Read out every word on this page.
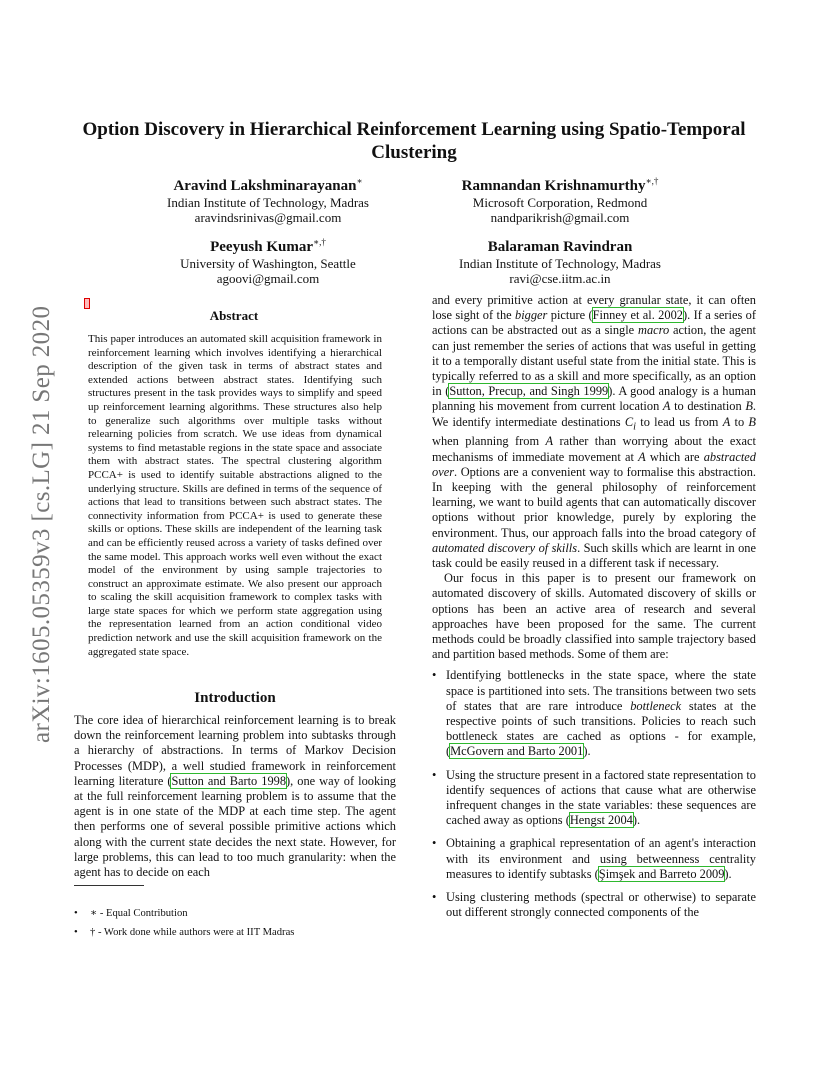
arXiv:1605.05359v3 [cs.LG] 21 Sep 2020
Option Discovery in Hierarchical Reinforcement Learning using Spatio-Temporal Clustering
Aravind Lakshminarayanan∗
Indian Institute of Technology, Madras
aravindsrinivas@gmail.com
Ramnandan Krishnamurthy∗,†
Microsoft Corporation, Redmond
nandparikrish@gmail.com
Peeyush Kumar∗,†
University of Washington, Seattle
agoovi@gmail.com
Balaraman Ravindran
Indian Institute of Technology, Madras
ravi@cse.iitm.ac.in
Abstract
This paper introduces an automated skill acquisition framework in reinforcement learning which involves identifying a hierarchical description of the given task in terms of abstract states and extended actions between abstract states. Identifying such structures present in the task provides ways to simplify and speed up reinforcement learning algorithms. These structures also help to generalize such algorithms over multiple tasks without relearning policies from scratch. We use ideas from dynamical systems to find metastable regions in the state space and associate them with abstract states. The spectral clustering algorithm PCCA+ is used to identify suitable abstractions aligned to the underlying structure. Skills are defined in terms of the sequence of actions that lead to transitions between such abstract states. The connectivity information from PCCA+ is used to generate these skills or options. These skills are independent of the learning task and can be efficiently reused across a variety of tasks defined over the same model. This approach works well even without the exact model of the environment by using sample trajectories to construct an approximate estimate. We also present our approach to scaling the skill acquisition framework to complex tasks with large state spaces for which we perform state aggregation using the representation learned from an action conditional video prediction network and use the skill acquisition framework on the aggregated state space.
Introduction
The core idea of hierarchical reinforcement learning is to break down the reinforcement learning problem into subtasks through a hierarchy of abstractions. In terms of Markov Decision Processes (MDP), a well studied framework in reinforcement learning literature (Sutton and Barto 1998), one way of looking at the full reinforcement learning problem is to assume that the agent is in one state of the MDP at each time step. The agent then performs one of several possible primitive actions which along with the current state decides the next state. However, for large problems, this can lead to too much granularity: when the agent has to decide on each
• ∗ - Equal Contribution
• † - Work done while authors were at IIT Madras

and every primitive action at every granular state, it can often lose sight of the bigger picture (Finney et al. 2002). If a series of actions can be abstracted out as a single macro action, the agent can just remember the series of actions that was useful in getting it to a temporally distant useful state from the initial state. This is typically referred to as a skill and more specifically, as an option in (Sutton, Precup, and Singh 1999). A good analogy is a human planning his movement from current location A to destination B. We identify intermediate destinations $C_i$ to lead us from A to B when planning from A rather than worrying about the exact mechanisms of immediate movement at A which are abstracted over. Options are a convenient way to formalise this abstraction. In keeping with the general philosophy of reinforcement learning, we want to build agents that can automatically discover options without prior knowledge, purely by exploring the environment. Thus, our approach falls into the broad category of automated discovery of skills. Such skills which are learnt in one task could be easily reused in a different task if necessary.

Our focus in this paper is to present our framework on automated discovery of skills. Automated discovery of skills or options has been an active area of research and several approaches have been proposed for the same. The current methods could be broadly classified into sample trajectory based and partition based methods. Some of them are:

• Identifying bottlenecks in the state space, where the state space is partitioned into sets. The transitions between two sets of states that are rare introduce bottleneck states at the respective points of such transitions. Policies to reach such bottleneck states are cached as options - for example, (McGovern and Barto 2001).
• Using the structure present in a factored state representation to identify sequences of actions that cause what are otherwise infrequent changes in the state variables: these sequences are cached away as options (Hengst 2004).
• Obtaining a graphical representation of an agent's interaction with its environment and using betweenness centrality measures to identify subtasks (Şimşek and Barreto 2009).
• Using clustering methods (spectral or otherwise) to separate out different strongly connected components of the
